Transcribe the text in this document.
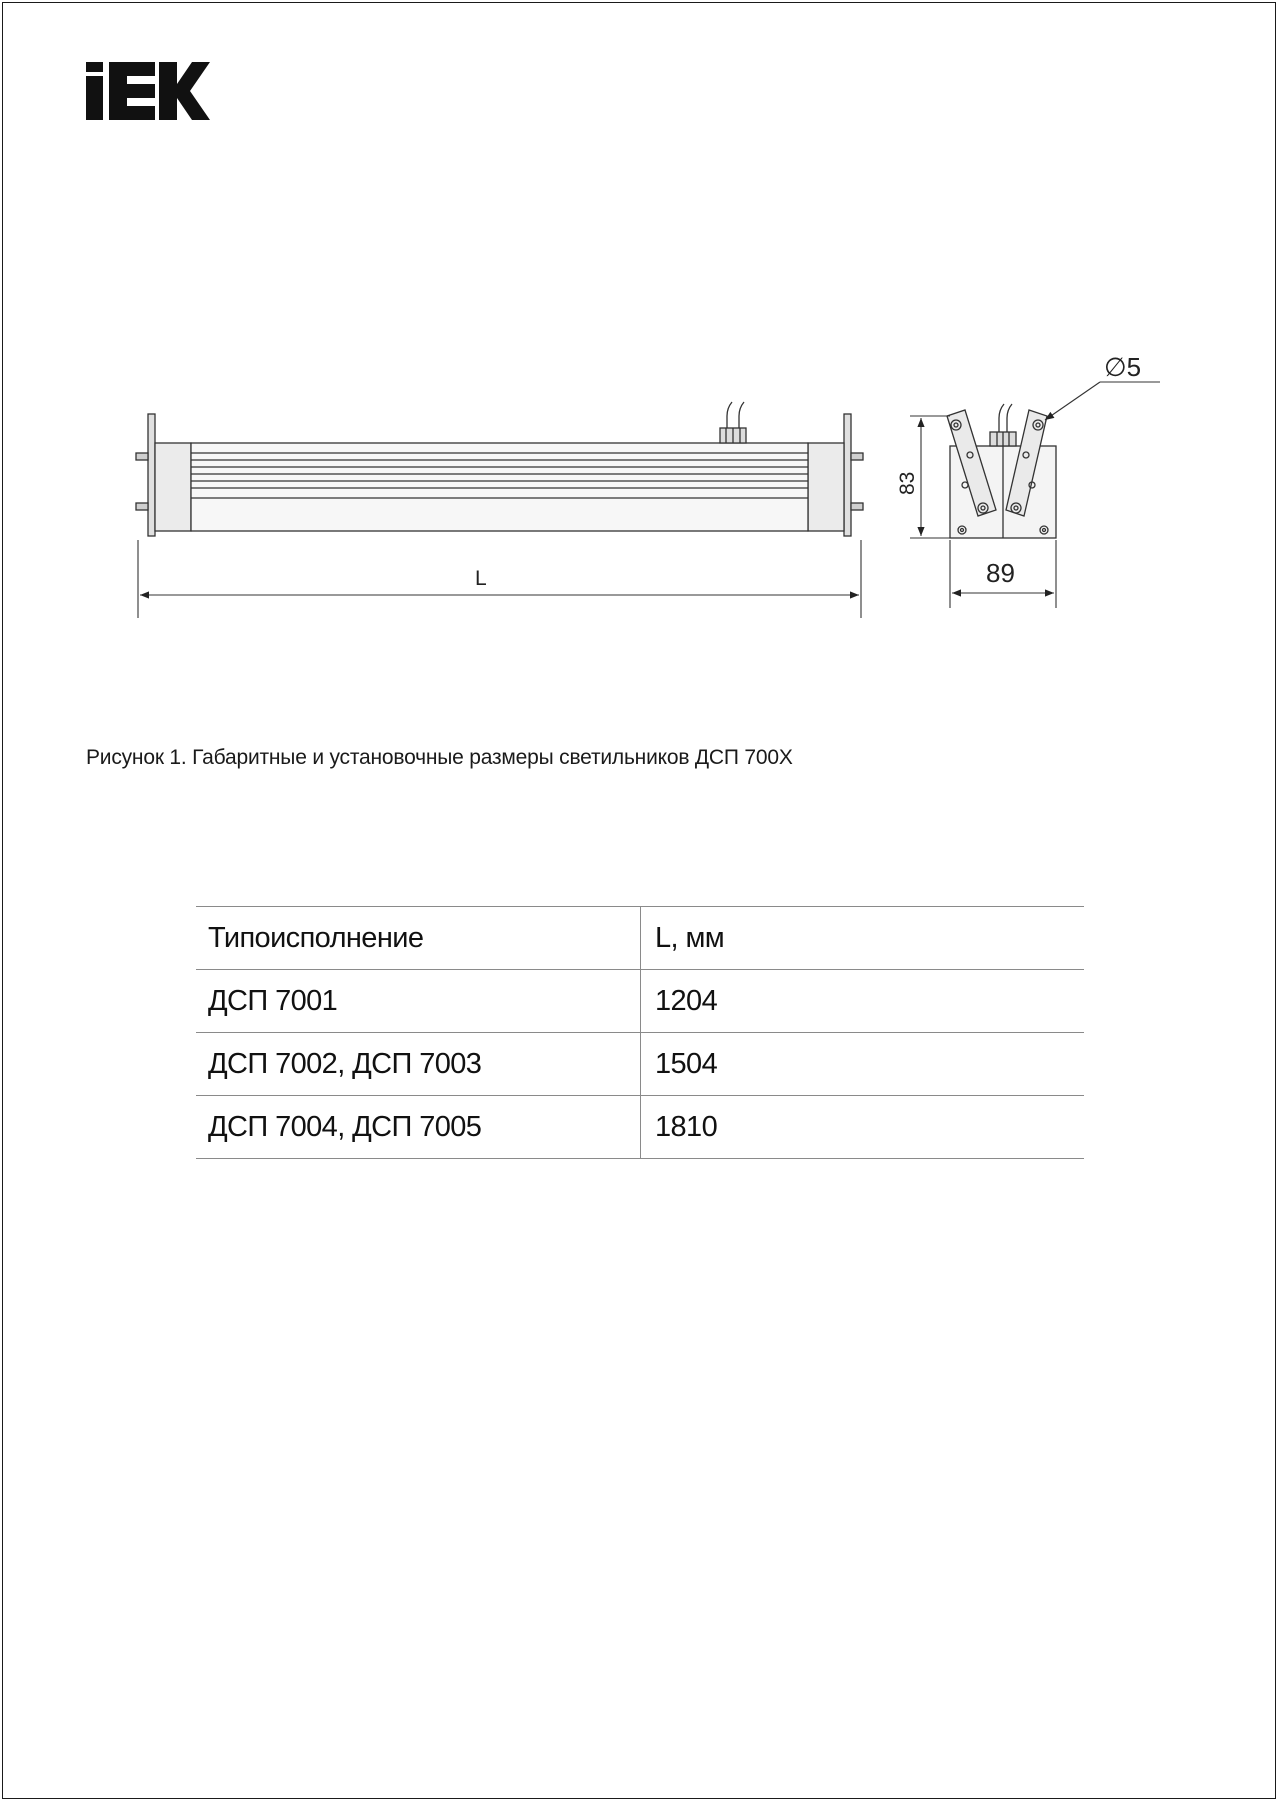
L
83
89
∅5
Рисунок 1. Габаритные и установочные размеры светильников ДСП 700X
Типоисполнение	L, мм
ДСП 7001	1204
ДСП 7002, ДСП 7003	1504
ДСП 7004, ДСП 7005	1810
